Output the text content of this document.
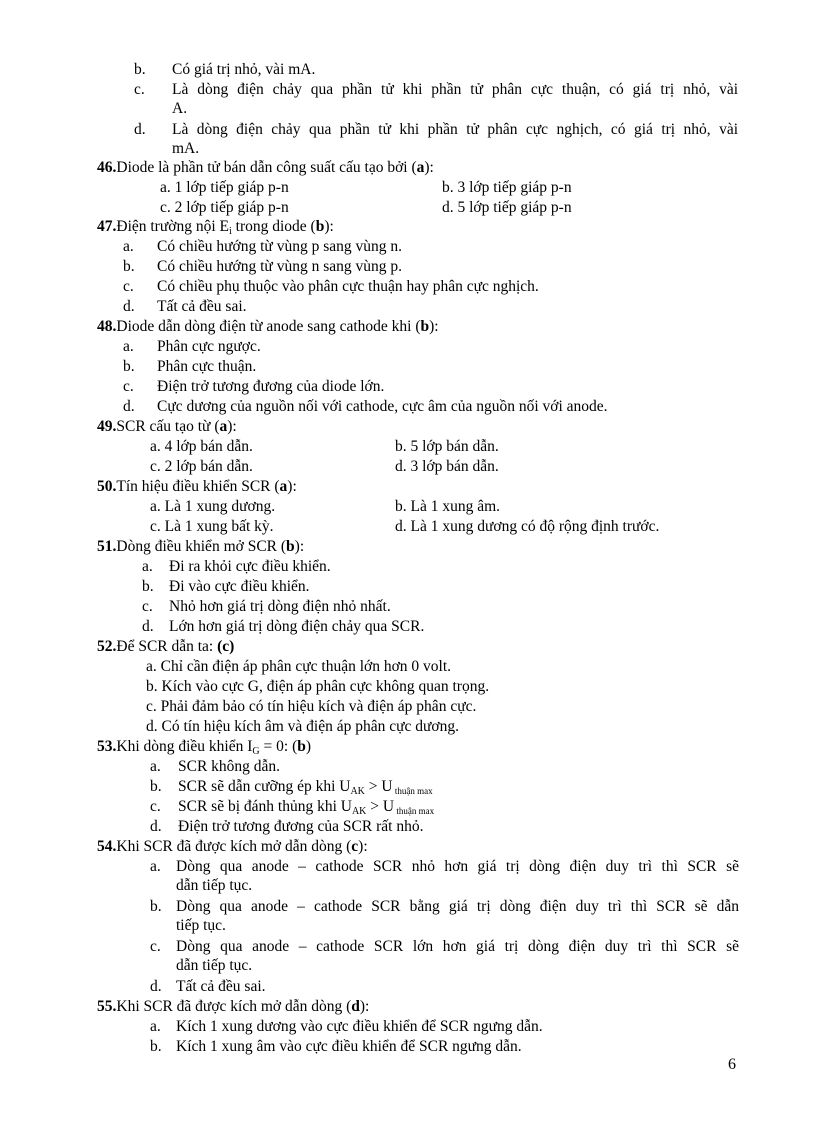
b. Có giá trị nhỏ, vài mA.
c. Là dòng điện chảy qua phần tử khi phần tử phân cực thuận, có giá trị nhỏ, vài
A.
d. Là dòng điện chảy qua phần tử khi phần tử phân cực nghịch, có giá trị nhỏ, vài
mA.
46.Diode là phần tử bán dẫn công suất cấu tạo bởi (a):
a. 1 lớp tiếp giáp p-n	b. 3 lớp tiếp giáp p-n
c. 2 lớp tiếp giáp p-n	d. 5 lớp tiếp giáp p-n
47.Điện trường nội $E_i$ trong diode (b):
a. Có chiều hướng từ vùng p sang vùng n.
b. Có chiều hướng từ vùng n sang vùng p.
c. Có chiều phụ thuộc vào phân cực thuận hay phân cực nghịch.
d. Tất cả đều sai.
48.Diode dẫn dòng điện từ anode sang cathode khi (b):
a. Phân cực ngược.
b. Phân cực thuận.
c. Điện trở tương đương của diode lớn.
d. Cực dương của nguồn nối với cathode, cực âm của nguồn nối với anode.
49.SCR cấu tạo từ (a):
a. 4 lớp bán dẫn.	b. 5 lớp bán dẫn.
c. 2 lớp bán dẫn.	d. 3 lớp bán dẫn.
50.Tín hiệu điều khiển SCR (a):
a. Là 1 xung dương.	b. Là 1 xung âm.
c. Là 1 xung bất kỳ.	d. Là 1 xung dương có độ rộng định trước.
51.Dòng điều khiển mở SCR (b):
a. Đi ra khỏi cực điều khiển.
b. Đi vào cực điều khiển.
c. Nhỏ hơn giá trị dòng điện nhỏ nhất.
d. Lớn hơn giá trị dòng điện chảy qua SCR.
52.Để SCR dẫn ta: (c)
a. Chỉ cần điện áp phân cực thuận lớn hơn 0 volt.
b. Kích vào cực G, điện áp phân cực không quan trọng.
c. Phải đảm bảo có tín hiệu kích và điện áp phân cực.
d. Có tín hiệu kích âm và điện áp phân cực dương.
53.Khi dòng điều khiển $I_G = 0$: (b)
a. SCR không dẫn.
b. SCR sẽ dẫn cưỡng ép khi $U_{AK} > U$ $_{thuận max}$
c. SCR sẽ bị đánh thủng khi $U_{AK} > U$ $_{thuận max}$
d. Điện trở tương đương của SCR rất nhỏ.
54.Khi SCR đã được kích mở dẫn dòng (c):
a. Dòng qua anode – cathode SCR nhỏ hơn giá trị dòng điện duy trì thì SCR sẽ
dẫn tiếp tục.
b. Dòng qua anode – cathode SCR bằng giá trị dòng điện duy trì thì SCR sẽ dẫn
tiếp tục.
c. Dòng qua anode – cathode SCR lớn hơn giá trị dòng điện duy trì thì SCR sẽ
dẫn tiếp tục.
d. Tất cả đều sai.
55.Khi SCR đã được kích mở dẫn dòng (d):
a. Kích 1 xung dương vào cực điều khiển để SCR ngưng dẫn.
b. Kích 1 xung âm vào cực điều khiển để SCR ngưng dẫn.
6
